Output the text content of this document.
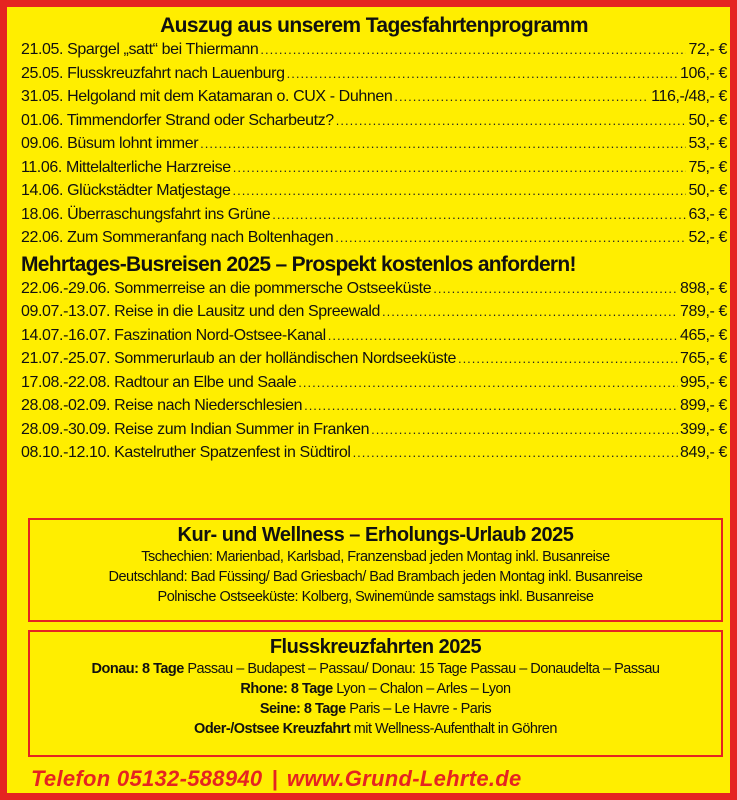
Auszug aus unserem Tagesfahrtenprogramm
21.05. Spargel „satt“ bei Thiermann .....	72,- €
25.05. Flusskreuzfahrt nach Lauenburg .....	106,- €
31.05. Helgoland mit dem Katamaran o. CUX - Duhnen .....	116,-/48,- €
01.06. Timmendorfer Strand oder Scharbeutz? .....	50,- €
09.06. Büsum lohnt immer .....	53,- €
11.06. Mittelalterliche Harzreise .....	75,- €
14.06. Glückstädter Matjestage .....	50,- €
18.06. Überraschungsfahrt ins Grüne .....	63,- €
22.06. Zum Sommeranfang nach Boltenhagen .....	52,- €
Mehrtages-Busreisen 2025 – Prospekt kostenlos anfordern!
22.06.-29.06. Sommerreise an die pommersche Ostseeküste .....	898,- €
09.07.-13.07. Reise in die Lausitz und den Spreewald .....	789,- €
14.07.-16.07. Faszination Nord-Ostsee-Kanal .....	465,- €
21.07.-25.07. Sommerurlaub an der holländischen Nordseeküste .....	765,- €
17.08.-22.08. Radtour an Elbe und Saale .....	995,- €
28.08.-02.09. Reise nach Niederschlesien .....	899,- €
28.09.-30.09. Reise zum Indian Summer in Franken .....	399,- €
08.10.-12.10. Kastelruther Spatzenfest in Südtirol .....	849,- €
Kur- und Wellness – Erholungs-Urlaub 2025
Tschechien: Marienbad, Karlsbad, Franzensbad jeden Montag inkl. Busanreise
Deutschland: Bad Füssing/ Bad Griesbach/ Bad Brambach jeden Montag inkl. Busanreise
Polnische Ostseeküste: Kolberg, Swinemünde samstags inkl. Busanreise
Flusskreuzfahrten 2025
Donau: 8 Tage Passau – Budapest – Passau/ Donau: 15 Tage Passau – Donaudelta – Passau
Rhone: 8 Tage Lyon – Chalon – Arles – Lyon
Seine: 8 Tage Paris – Le Havre - Paris
Oder-/Ostsee Kreuzfahrt mit Wellness-Aufenthalt in Göhren
Telefon 05132-588940 | www.Grund-Lehrte.de
